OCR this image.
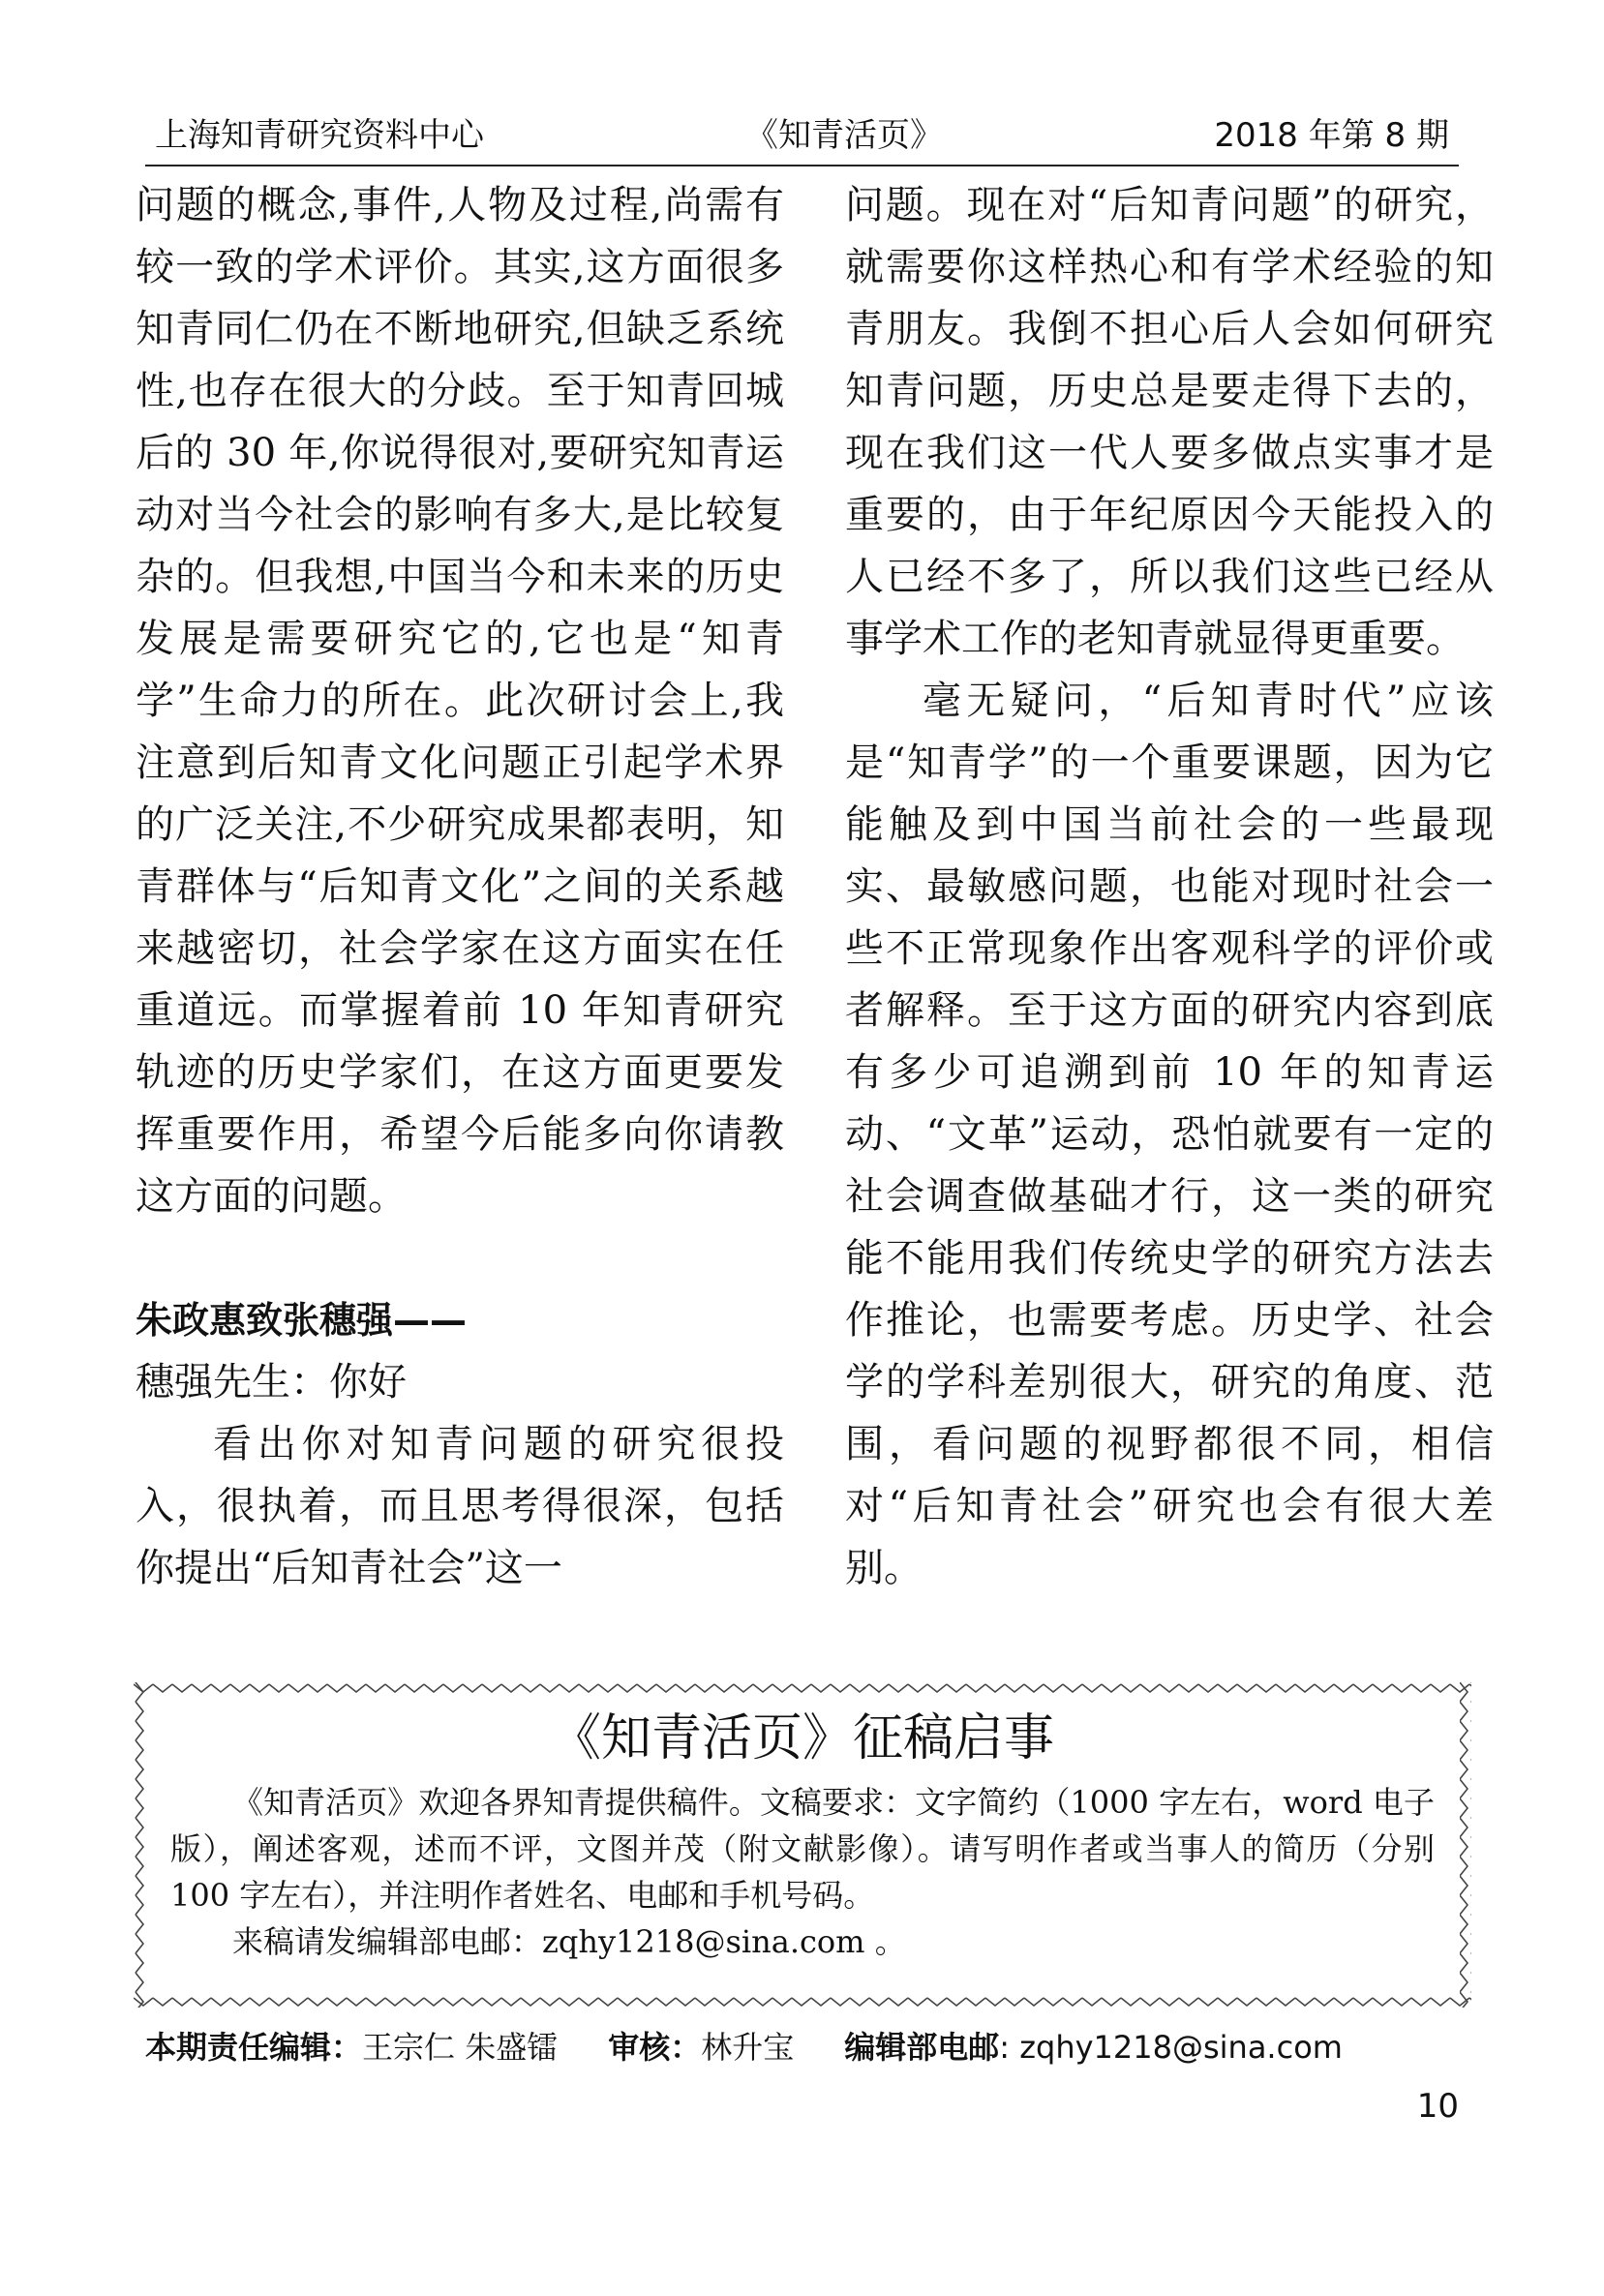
上海知青研究资料中心	《知青活页》	2018 年第 8 期

问题的概念,事件,人物及过程,尚需有较一致的学术评价。其实,这方面很多知青同仁仍在不断地研究,但缺乏系统性,也存在很大的分歧。至于知青回城后的 30 年,你说得很对,要研究知青运动对当今社会的影响有多大,是比较复杂的。但我想,中国当今和未来的历史发展是需要研究它的,它也是“知青学”生命力的所在。此次研讨会上,我注意到后知青文化问题正引起学术界的广泛关注,不少研究成果都表明，知青群体与“后知青文化”之间的关系越来越密切，社会学家在这方面实在任重道远。而掌握着前 10 年知青研究轨迹的历史学家们，在这方面更要发挥重要作用，希望今后能多向你请教这方面的问题。

朱政惠致张穗强——

穗强先生：你好

看出你对知青问题的研究很投入，很执着，而且思考得很深，包括你提出“后知青社会”这一

问题。现在对“后知青问题”的研究，就需要你这样热心和有学术经验的知青朋友。我倒不担心后人会如何研究知青问题，历史总是要走得下去的，现在我们这一代人要多做点实事才是重要的，由于年纪原因今天能投入的人已经不多了，所以我们这些已经从事学术工作的老知青就显得更重要。

毫无疑问，“后知青时代”应该是“知青学”的一个重要课题，因为它能触及到中国当前社会的一些最现实、最敏感问题，也能对现时社会一些不正常现象作出客观科学的评价或者解释。至于这方面的研究内容到底有多少可追溯到前 10 年的知青运动、“文革”运动，恐怕就要有一定的社会调查做基础才行，这一类的研究能不能用我们传统史学的研究方法去作推论，也需要考虑。历史学、社会学的学科差别很大，研究的角度、范围，看问题的视野都很不同，相信对“后知青社会”研究也会有很大差别。

《知青活页》征稿启事

《知青活页》欢迎各界知青提供稿件。文稿要求：文字简约（1000 字左右，word 电子版），阐述客观，述而不评，文图并茂（附文献影像）。请写明作者或当事人的简历（分别 100 字左右），并注明作者姓名、电邮和手机号码。

来稿请发编辑部电邮：zqhy1218@sina.com 。

本期责任编辑：王宗仁 朱盛镭 审核：林升宝 编辑部电邮: zqhy1218@sina.com
10
